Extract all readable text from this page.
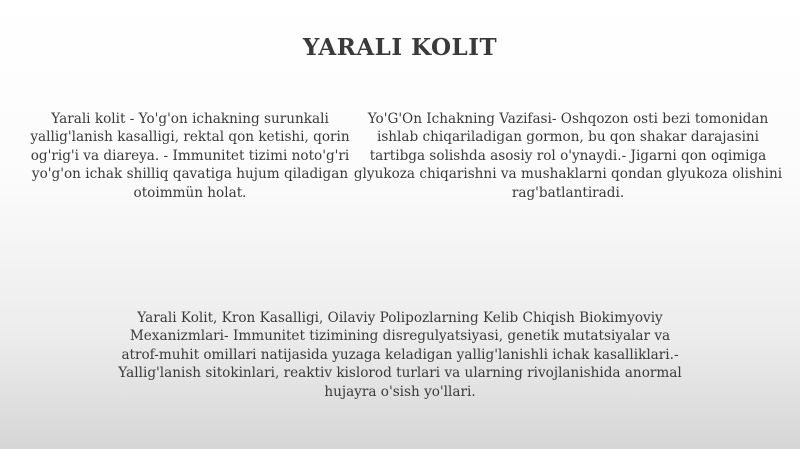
YARALI KOLIT

Yarali kolit - Yo'g'on ichakning surunkali yallig'lanish kasalligi, rektal qon ketishi, qorin og'rig'i va diareya. - Immunitet tizimi noto'g'ri yo'g'on ichak shilliq qavatiga hujum qiladigan otoimmün holat.

Yo'G'On Ichakning Vazifasi- Oshqozon osti bezi tomonidan ishlab chiqariladigan gormon, bu qon shakar darajasini tartibga solishda asosiy rol o'ynaydi.- Jigarni qon oqimiga glyukoza chiqarishni va mushaklarni qondan glyukoza olishini rag'batlantiradi.

Yarali Kolit, Kron Kasalligi, Oilaviy Polipozlarning Kelib Chiqish Biokimyoviy Mexanizmlari- Immunitet tizimining disregulyatsiyasi, genetik mutatsiyalar va atrof-muhit omillari natijasida yuzaga keladigan yallig'lanishli ichak kasalliklari.- Yallig'lanish sitokinlari, reaktiv kislorod turlari va ularning rivojlanishida anormal hujayra o'sish yo'llari.
